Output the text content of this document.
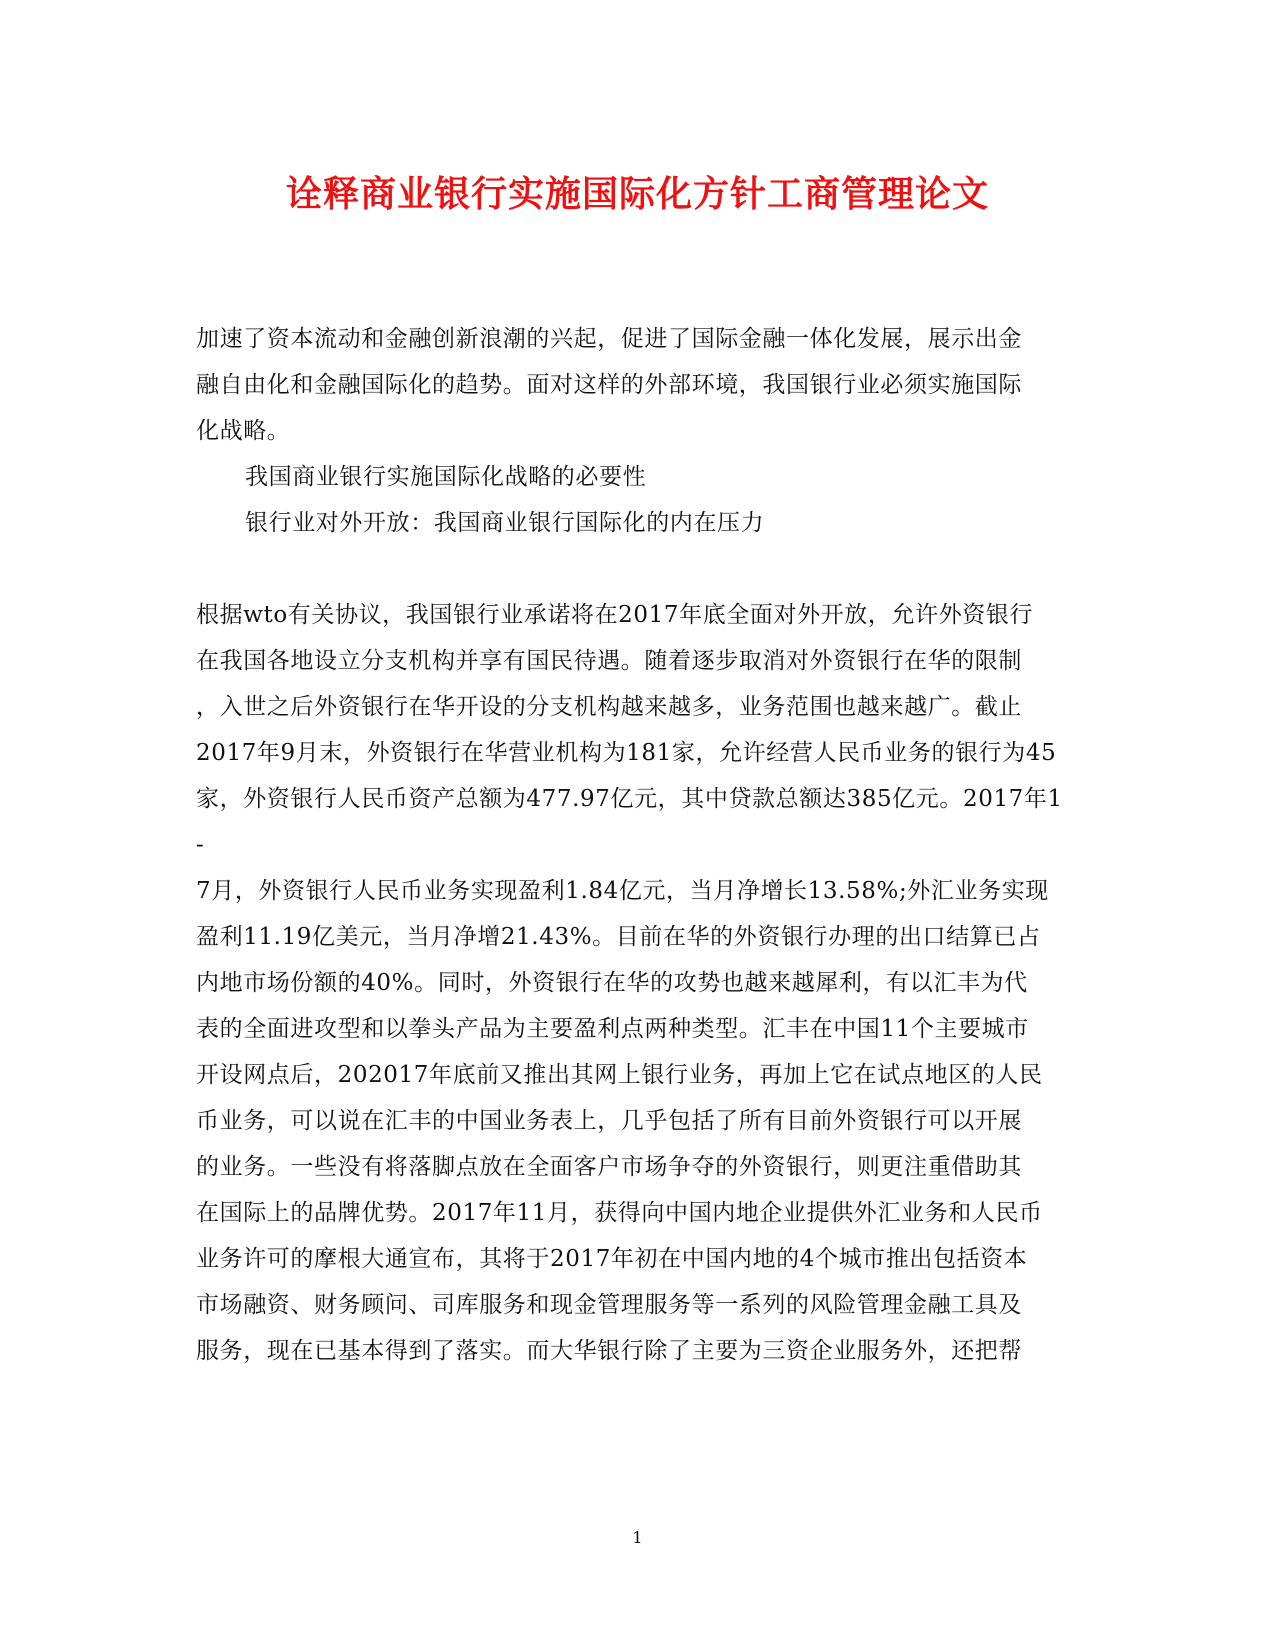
诠释商业银行实施国际化方针工商管理论文
加速了资本流动和金融创新浪潮的兴起，促进了国际金融一体化发展，展示出金
融自由化和金融国际化的趋势。面对这样的外部环境，我国银行业必须实施国际
化战略。
我国商业银行实施国际化战略的必要性
银行业对外开放：我国商业银行国际化的内在压力
根据wto有关协议，我国银行业承诺将在2017年底全面对外开放，允许外资银行
在我国各地设立分支机构并享有国民待遇。随着逐步取消对外资银行在华的限制
，入世之后外资银行在华开设的分支机构越来越多，业务范围也越来越广。截止
2017年9月末，外资银行在华营业机构为181家，允许经营人民币业务的银行为45
家，外资银行人民币资产总额为477.97亿元，其中贷款总额达385亿元。2017年1
-
7月，外资银行人民币业务实现盈利1.84亿元，当月净增长13.58%;外汇业务实现
盈利11.19亿美元，当月净增21.43%。目前在华的外资银行办理的出口结算已占
内地市场份额的40%。同时，外资银行在华的攻势也越来越犀利，有以汇丰为代
表的全面进攻型和以拳头产品为主要盈利点两种类型。汇丰在中国11个主要城市
开设网点后，202017年底前又推出其网上银行业务，再加上它在试点地区的人民
币业务，可以说在汇丰的中国业务表上，几乎包括了所有目前外资银行可以开展
的业务。一些没有将落脚点放在全面客户市场争夺的外资银行，则更注重借助其
在国际上的品牌优势。2017年11月，获得向中国内地企业提供外汇业务和人民币
业务许可的摩根大通宣布，其将于2017年初在中国内地的4个城市推出包括资本
市场融资、财务顾问、司库服务和现金管理服务等一系列的风险管理金融工具及
服务，现在已基本得到了落实。而大华银行除了主要为三资企业服务外，还把帮
1
